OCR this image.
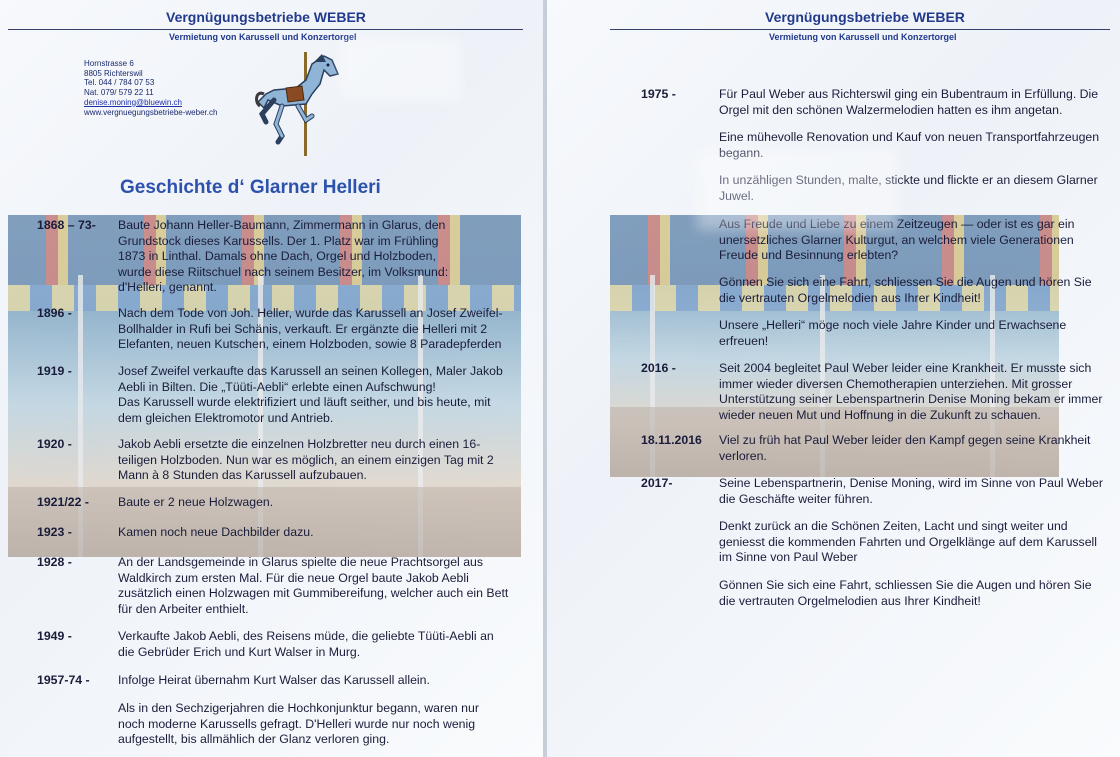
Vergnügungsbetriebe WEBER
Vermietung von Karussell und Konzertorgel
Hornstrasse 6
8805 Richterswil
Tel. 044 / 784 07 53
Nat. 079/ 579 22 11
denise.moning@bluewin.ch
www.vergnuegungsbetriebe-weber.ch
Geschichte d‘ Glarner Helleri
1868 – 73- Baute Johann Heller-Baumann, Zimmermann in Glarus, den
Grundstock dieses Karussells. Der 1. Platz war im Frühling
1873 in Linthal. Damals ohne Dach, Orgel und Holzboden,
wurde diese Riitschuel nach seinem Besitzer, im Volksmund:
d'Helleri, genannt.
1896 -	Nach dem Tode von Joh. Heller, wurde das Karussell an Josef Zweifel-
Bollhalder in Rufi bei Schänis, verkauft. Er ergänzte die Helleri mit 2
Elefanten, neuen Kutschen, einem Holzboden, sowie 8 Paradepferden
1919 -	Josef Zweifel verkaufte das Karussell an seinen Kollegen, Maler Jakob
Aebli in Bilten. Die „Tüüti-Aebli“ erlebte einen Aufschwung!
Das Karussell wurde elektrifiziert und läuft seither, und bis heute, mit
dem gleichen Elektromotor und Antrieb.
1920 -	Jakob Aebli ersetzte die einzelnen Holzbretter neu durch einen 16-
teiligen Holzboden. Nun war es möglich, an einem einzigen Tag mit 2
Mann à 8 Stunden das Karussell aufzubauen.
1921/22 - Baute er 2 neue Holzwagen.
1923 -	Kamen noch neue Dachbilder dazu.
1928 -	An der Landsgemeinde in Glarus spielte die neue Prachtsorgel aus
Waldkirch zum ersten Mal. Für die neue Orgel baute Jakob Aebli
zusätzlich einen Holzwagen mit Gummibereifung, welcher auch ein Bett
für den Arbeiter enthielt.
1949 -	Verkaufte Jakob Aebli, des Reisens müde, die geliebte Tüüti-Aebli an
die Gebrüder Erich und Kurt Walser in Murg.
1957-74 - Infolge Heirat übernahm Kurt Walser das Karussell allein.
Als in den Sechzigerjahren die Hochkonjunktur begann, waren nur
noch moderne Karussells gefragt. D'Helleri wurde nur noch wenig
aufgestellt, bis allmählich der Glanz verloren ging.
Vergnügungsbetriebe WEBER
Vermietung von Karussell und Konzertorgel
1975 -	Für Paul Weber aus Richterswil ging ein Bubentraum in Erfüllung. Die
Orgel mit den schönen Walzermelodien hatten es ihm angetan.
Eine mühevolle Renovation und Kauf von neuen Transportfahrzeugen
begann.
In unzähligen Stunden, malte, stickte und flickte er an diesem Glarner
Juwel.
Aus Freude und Liebe zu einem Zeitzeugen — oder ist es gar ein
unersetzliches Glarner Kulturgut, an welchem viele Generationen
Freude und Besinnung erlebten?
Gönnen Sie sich eine Fahrt, schliessen Sie die Augen und hören Sie
die vertrauten Orgelmelodien aus Ihrer Kindheit!
Unsere „Helleri“ möge noch viele Jahre Kinder und Erwachsene
erfreuen!
2016 -	Seit 2004 begleitet Paul Weber leider eine Krankheit. Er musste sich
immer wieder diversen Chemotherapien unterziehen. Mit grosser
Unterstützung seiner Lebenspartnerin Denise Moning bekam er immer
wieder neuen Mut und Hoffnung in die Zukunft zu schauen.
18.11.2016 Viel zu früh hat Paul Weber leider den Kampf gegen seine Krankheit
verloren.
2017-	Seine Lebenspartnerin, Denise Moning, wird im Sinne von Paul Weber
die Geschäfte weiter führen.
Denkt zurück an die Schönen Zeiten, Lacht und singt weiter und
geniesst die kommenden Fahrten und Orgelklänge auf dem Karussell
im Sinne von Paul Weber
Gönnen Sie sich eine Fahrt, schliessen Sie die Augen und hören Sie
die vertrauten Orgelmelodien aus Ihrer Kindheit!
